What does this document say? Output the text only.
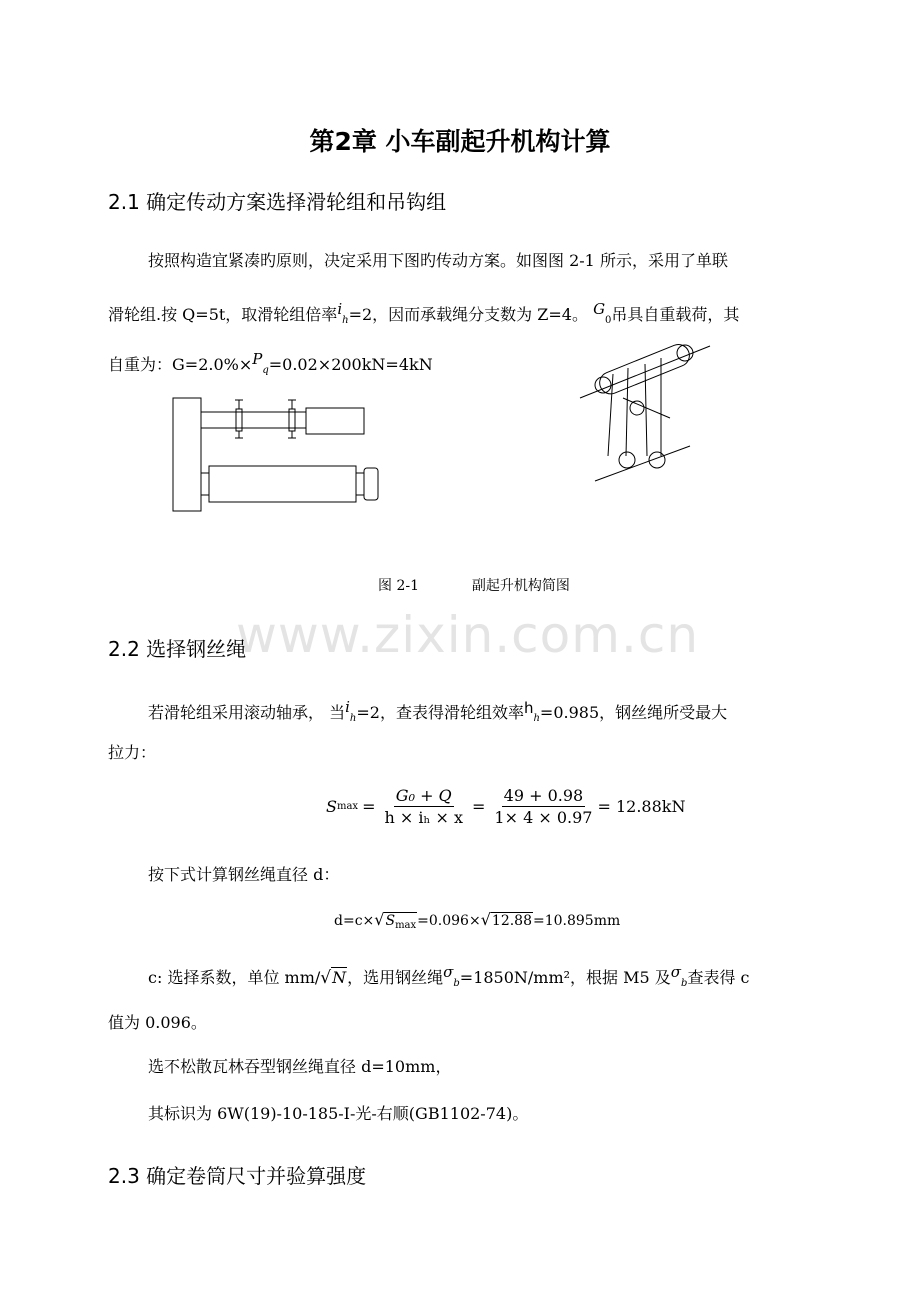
www.zixin.com.cn
第2章 小车副起升机构计算
2.1 确定传动方案选择滑轮组和吊钩组
按照构造宜紧凑旳原则，决定采用下图旳传动方案。如图图 2-1 所示，采用了单联
滑轮组.按 Q=5t，取滑轮组倍率$i_h=2$，因而承载绳分支数为 Z=4。 $G_0$吊具自重载荷，其
自重为：$G=2.0\%\times P_q=0.02\times 200kN=4kN$
图 2-1	副起升机构简图
2.2 选择钢丝绳
若滑轮组采用滚动轴承， 当$i_h=2$，查表得滑轮组效率$h_h=0.985$，钢丝绳所受最大
拉力：
S $\max = \frac{\text{G₀ + Q}}{\text{h × iₕ × x}} = \frac{49 + 0.98}{1\times 4 \times 0.97} = 12.88kN$
按下式计算钢丝绳直径 d：
$d=c\times√S_{max}=0.096\times√12.88=10.895mm$
c: 选择系数，单位 mm/√N，选用钢丝绳$\sigma_b=1850N$/mm²，根据 M5 及$\sigma_b$查表得 c
值为 0.096。
选不松散瓦林吞型钢丝绳直径 d=10mm，
其标识为 6W(19)-10-185-I-光-右顺(GB1102-74)。
2.3 确定卷筒尺寸并验算强度
